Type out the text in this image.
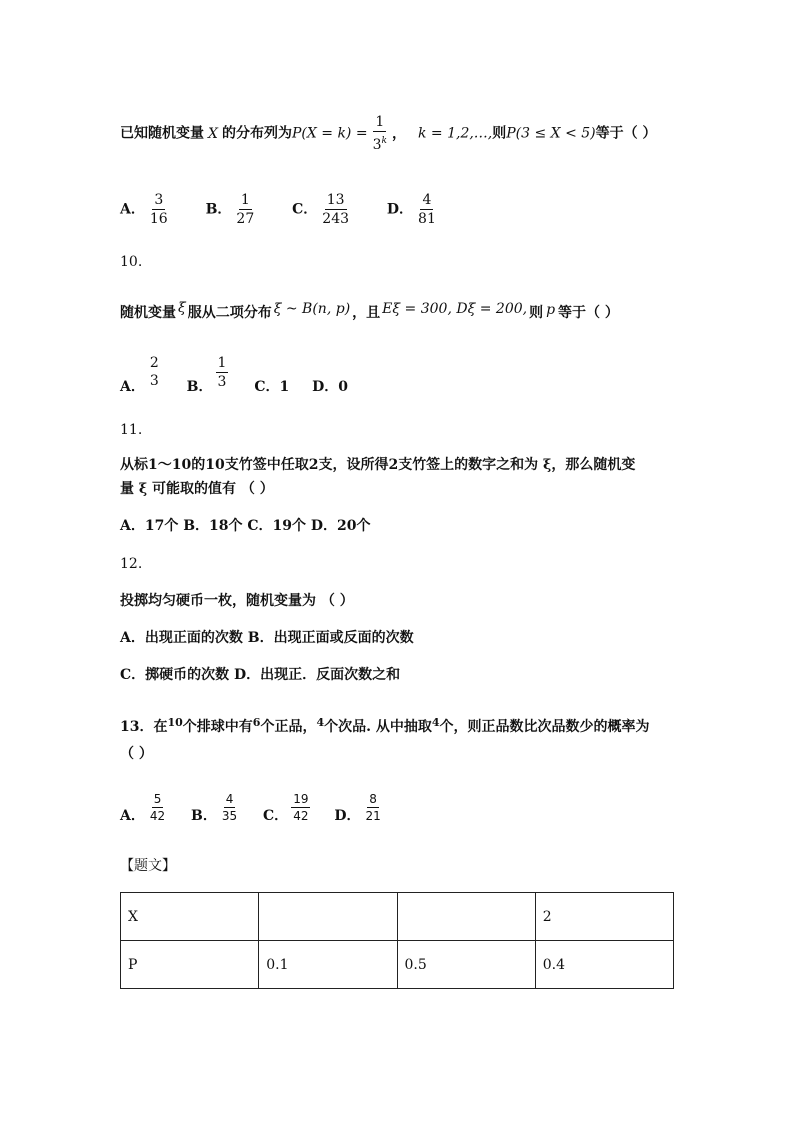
已知随机变量 X 的分布列为$P(X = k) = \frac{1}{3^k}$ ， k = 1,2,…,则P(3 ≤ X < 5)等于（ ）
A． $\frac{3}{16}$	B． $\frac{1}{27}$	C． $\frac{13}{243}$	D． $\frac{4}{81}$
10.
随机变量 ξ 服从二项分布 ξ ~ B(n, p) ，且 Eξ = 300, Dξ = 200, 则 p 等于（ ）
A．
2
3 B． $\frac{1}{3}$ C．1 D．0
11.
从标1～10的10支竹签中任取2支，设所得2支竹签上的数字之和为 ξ，那么随机变
量 ξ 可能取的值有 （ ）
A．17个 B．18个 C．19个 D．20个
12.
投掷均匀硬币一枚，随机变量为 （ ）
A．出现正面的次数 B．出现正面或反面的次数
C．掷硬币的次数 D．出现正．反面次数之和
13．在$^{10}$个排球中有$^6$个正品，$^4$个次品. 从中抽取$^4$个，则正品数比次品数少的概率为
（ ）
A． $\frac{5}{42}$ B． $\frac{4}{35}$ C． $\frac{19}{42}$ D． $\frac{8}{21}$
【题文】
X			2
P	0.1	0.5	0.4
